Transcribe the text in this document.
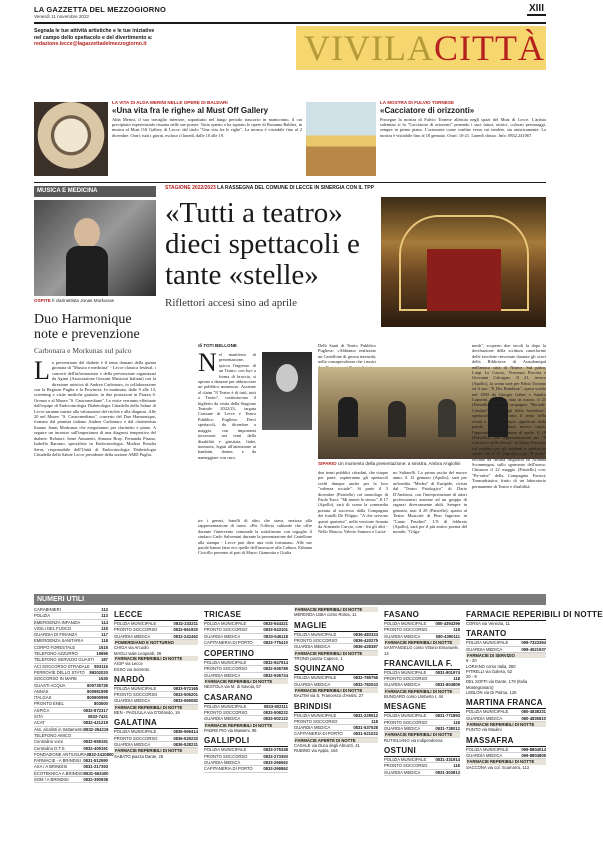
LA GAZZETTA DEL MEZZOGIORNO
Venerdì 11 novembre 2022
XIII
Segnala le tue attività artistiche e le tue iniziative
nel campo dello spettacolo e del divertimento a:
redazione.lecce@lagazzettadelmezzogiorno.it	VIVILACITTÀ
LA VITA DI ALDA MERINI NELLE OPERE DI BALDARI
«Una vita fra le righe» al Must Off Gallery
Alda Merini, il suo travaglio interiore, soprattutto nel lungo periodo trascorso in manicomio, il cui precipitato esperienziale risuona nelle sue poesie. Tutto questo e ha ispirato le opere di Rosanna Baldari, in mostra al Must Off Gallery di Lecce, dal titolo "Una vita fra le righe". La mostra è visitabile fino al 2 dicembre. Orari: tutti i giorni, escluso il lunedì, dalle 10 alle 19.
LA MOSTRA DI FULVIO TORNESE
«Cacciatore di orizzonti»
Prosegue la mostra di Fulvio Tornese allestita negli spazi del Must di Lecce. L'artista salentino si fa "Cacciatore di orizzonti" ponendo i suoi futuri, onirici, colorati personaggi, sempre in primo piano. L'orizzonte come confine verso cui tendere, sia artisticamente. La mostra è visitabile fino al 18 gennaio. Orari: 10-21. Lunedì chiuso. Info: 0832.241067.
MUSICA E MEDICINA
OSPITE Il clarinettista Jonas Morkunas
Duo Harmonique note e prevenzione
Carbonara e Morkunas sul palco
L a prevenzione del diabete è il tema domani della quinta giornata di "Musica e medicina" - Lecce classica festival, i concerti dell'informazione e della prevenzione organizzati da Agimi (Associazione Giovani Musicisti Italiani) con la direzione artistica di Andrea Carbonaro, in collaborazione con la Regione Puglia e la Provincia. In mattinata, dalle 9 alle 13, screening e visite mediche gratuite, in due postazioni in Piazza S. Oronzo e al Museo "S. Castromediano". Le visite verranno effettuate dall'equipe di Endocrinologia Diabetologia Cittadella della Salute di Lecce saranno mirate alla valutazione del rischio e alla diagnosi. Alle 20 nel Museo "S. Castromediano", concerto del Duo Harmonique, formato dal pianista italiano Andrea Carbonaro e dal clarinettista lituano Jonas Morkunas che eseguiranno per clarinetto e piano. A seguire un incontro sull'importanza di una diagnosi tempestiva del diabete. Relatori: Irene Aimaretti, Simona Bray, Fernanda Pisano, Isabella Barrano, specialiste in Endocrinologia. Modera Rosalia Serra, responsabile dell'Unità di Endocrinologia Diabetologia Cittadella della Salute Lecce presidente della sezione AMD Puglia.
STAGIONE 2022/2023 LA RASSEGNA DEL COMUNE DI LECCE IN SINERGIA CON IL TPP
«Tutti a teatro» dieci spettacoli e tante «stelle»
Riflettori accesi sino ad aprile
di TOTI BELLONE
N el manifesto di presentazione, spicca l'ingresso di un Teatro, con luci a forma di braccia, si aprono a danzare per abbracciare un pubblico numeroso. Assieme al claim "Il Teatro è di tutti, tutti a Teatro", costituiscono il biglietto da visita della Stagione Teatrale 2022/23, targata Comune di Lecce e Teatro Pubblico Pugliese. Dieci spettacoli, da dicembre a maggio, con importanti incursioni nei temi della disabilità e giustizia, fiabe, memoria, legati all'attenzione ai bambini, donne, e da maneggiare con cura.
tre i generi, fratelli di altro che stava, neziosa alla rappresentazione di turno. «Per l'offerta culturale che offre durante l'intervento comunale la sottolineato con orgoglio il sindaco Carlo Salvemini durante la presentazione del Cartellone alla stampa - Lecce può dirsi una città fortunata». Alle sue parole hanno fatto eco quelle dell'assessore alla Cultura, Fabiana Cicirillo presente al pari di Marco Giannotta e Giulia
Delli Santi di Teatro Pubblico Pugliese: «Abbiamo realizzato un Cartellone di grossa intensità, nella consapevolezza che i nostri
SIPARIO Un momento della presentazione: a sinistra, Ambra Angiolini
due teatri pubblici cittadini, che cinque per parte, ospiteranno gli spettacoli scelti dunque anche per la loro "valenza sociale". Si parte il 3 dicembre (Paisiello) col monologo di Paola Turci: "Mi amerò lo stesso". Il 17 (Apollo), sarà di scena la commedia portata al successo dalla Compagnia dei fratelli De Filippo: "A che servono questi quattrini", nella versione firmata da Armando Curcio, con - fra gli altri - Nello Mascia, Valerio Santoro e Lucia-
no Saltarelli. La prima uscita del nuovo anno, il 12 gennaio (Apollo), sarà per un'inedita "Medea" di Euripide, rivista dal "Teatro Patologico" di Dario D'Ambrosi, con l'interpretazione di attori professionisti assieme ad un gruppo di ragazzi diversamente abili. Sempre in gennaio, mai il 28 (Paisiello), spazio al Teatro Musicale di Pino Ingrosso in "Canto Pasolini". L'8 di febbraio (Apollo), sarà per il più antico poema del mondo: "Gilga-
mesh", scoperto due secoli fa dopo la decifrazione della scrittura cuneiforme delle tavolette rinvenute durante gli scavi della Biblioteca di Assurbanipal nell'antica città di Ninive. Sul palco, Luigi Lo Cascio, Vincenzo Pirrotta e Giovanni Calcagno. Il 21, invece (Apollo), la scena sarà per Fabio Troiano ed il suo: "Il Dio Bambino", opera scritta nel 1993 da Giorgio Gaber e Sandro Luporini. Una sola data in marzo, il 23 (Paisiello), con la Compagnia "Berardi-Casolari" in: "I figli della frettolosa", spettacolo che affronta il tema della cecità e dei più sempio significati della parola "vedere". Sarà invece triplo, l'appuntamento del mese di aprile. Il 18 (Paisiello), due rappresentazioni per "Il Calvino e della libertà" di Mario Perrotta, col mattino per gli studenti e spettacolo serale. Ed il 27 (Apollo) con: "Il molo" recitato da Ambra Angiolini ed Arianna Scommegna, sullo sgomento dell'uomo. Chiusura il 22 maggio (Paisiello) con: "Pa-ratite" della Compagnia Factory Transadriatica, frutto di un laboratorio permanente di Teatro e disabilità.
NUMERI UTILI
CARABINIERI	112
POLIZIA	113
EMERGENZA INFANZIA	114
VIGILI DEL FUOCO	115
GUARDIA DI FINANZA	117
EMERGENZA SANITARIA	118
CORPO FORESTALE	1515
TELEFONO AZZURRO	19696
TELEFONO SERVIZIO GUASTI 187
ACI SOCCORSO STRADALE 803116
FERROVIE DELLO STATO 89202020
SOCCORSO IN MARE	1530
GUASTI ACQUA	800735735
ANNAS	800981998
ITALGAS	800900999
PRONTO ENEL	803500
ASPICA	0832-872317
SITA	0832-7421
ACAT	0832-421219
Ass. alcolisti in trattamento 0832-354219
TELEFONO AMICO
Centralino voce	0832-659191
Centralino D.T.S.	0832-409191
FONDAZIONE ANTIUSURA 0832-2410800
FARMACIE - A BRINDISI 0831-512990
AXA / A BRINDISI	0831-217393
ECOTEKNICA A BRINDISI 0831-563400
SOM / A BRINDISI	0832-390938
LECCE
POLIZIA MUNICIPALE	0832-233211
PRONTO SOCCORSO	0832-661920
GUARDIA MEDICA	0832-242462
POMERIDIANO E NOTTURNO
CHIGA via Arcuolo
MAGLI viale Leopardi, 26
FARMACIE REPERIBILI DI NOTTE
AGIP via Lecce
ESSO via Sorrento
NARDÒ
POLIZIA MUNICIPALE	0833-572165
PRONTO SOCCORSO	0833-506201
GUARDIA MEDICA	0833-565082
FARMACIE REPERIBILI DI NOTTE
BEN - PAGLIULA via D'Orlando, 19
GALATINA
POLIZIA MUNICIPALE	0836-569414
PRONTO SOCCORSO	0836-529233
GUARDIA MEDICA	0836-528231
FARMACIE REPERIBILI DI NOTTE
SABATO piazza Dante, 26
TRICASE
POLIZIA MUNICIPALE	0833-544321
PRONTO SOCCORSO	0833-543101
GUARDIA MEDICA	0833-545118
CAPITANERIA DI PORTO	0833-775410
COPERTINO
POLIZIA MUNICIPALE	0832-947514
PRONTO SOCCORSO	0832-936789
GUARDIA MEDICA	0832-936724
FARMACIE REPERIBILI DI NOTTE
NESTOLA via M. di Savoia, 57
CASARANO
POLIZIA MUNICIPALE	0833-502111
PRONTO SOCCORSO	0833-508222
GUARDIA MEDICA	0833-502122
FARMACIE REPERIBILI DI NOTTE
PADRE PIO via Massimi, 95
GALLIPOLI
POLIZIA MUNICIPALE	0833-275348
PRONTO SOCCORSO	0833-273393
GUARDIA MEDICA	0833-266562
CAPITANERIA DI PORTO	0833-266862
FARMACIE REPERIBILI DI NOTTE
MERENDA LIBIA corso Roma, 11
MAGLIE
POLIZIA MUNICIPALE	0836-483324
PRONTO SOCCORSO	0836-420275
GUARDIA MEDICA	0836-428387
FARMACIE REPERIBILI DI NOTTE
TRONO piazza Capece, 1
SQUINZANO
POLIZIA MUNICIPALE	0832-785756
GUARDIA MEDICA	0832-782043
FARMACIE REPERIBILI DI NOTTE
BALTIM via S. Francesco d'Assisi, 27
BRINDISI
POLIZIA MUNICIPALE	0831-229512
PRONTO SOCCORSO	118
GUARDIA MEDICA	0831-537528
CAPITANERIA DI PORTO	0831-521022
FARMACIE APERTE DI NOTTE
CASALE via Duca degli Abruzzi, 41
RUBINO via Appia, 164
FASANO
POLIZIA MUNICIPALE 080-4394296
PRONTO SOCCORSO	118
GUARDIA MEDICA	080-4390111
FARMACIE REPERIBILI DI NOTTE
SANTANGELO corso Vittorio Emanuele, 14
FRANCAVILLA F.
POLIZIA MUNICIPALE 0831-801974
PRONTO SOCCORSO	118
GUARDIA MEDICA	0831-804809
FARMACIE REPERIBILI DI NOTTE
BUNGARO corso Umberto I, 44
MESAGNE
POLIZIA MUNICIPALE 0831-771893
PRONTO SOCCORSO	118
GUARDIA MEDICA	0831-738012
FARMACIE REPERIBILI DI NOTTE
RUTIGLIANO via Indipendenza
OSTUNI
POLIZIA MUNICIPALE 0831-331914
PRONTO SOCCORSO	118
GUARDIA MEDICA	0831-303813
FARMACIE REPERIBILI DI NOTTE
CORSA via Venezia, 11
TARANTO
POLIZIA MUNICIPALE	099-7323394
GUARDIA MEDICA	099-4521937
FARMACIE DI SERVIZIO
9 - 20
LORIANO corso Italia, 260
PITRELLI via Galeso, 52
20 - 9
DEL SOFFI via Dante, 179 (Italia Montegranaro)
LEBLON via Di Palma, 125
MARTINA FRANCA
POLIZIA MUNICIPALE	080-4838231
GUARDIA MEDICA	080-4835810
FARMACIE REPERIBILI DI NOTTE
PUNTO via Maulini
MASSAFRA
POLIZIA MUNICIPALE	099-8804014
GUARDIA MEDICA	099-8804805
FARMACIE REPERIBILI DI NOTTE
SACCONA via col. Scamarra, 113
